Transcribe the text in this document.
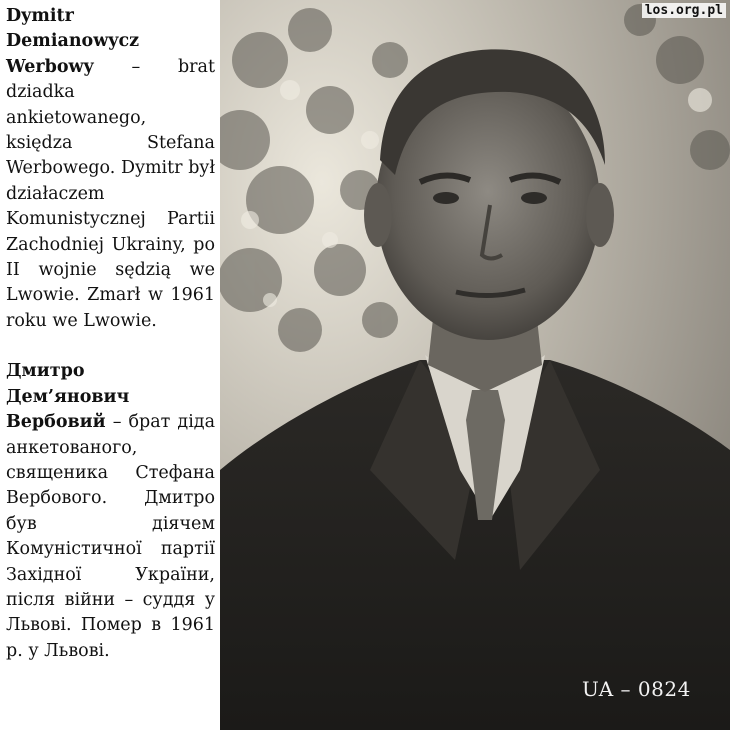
Dymitr
Demianowycz
Werbowy – brat dziadka ankietowanego, księdza Stefana Werbowego. Dymitr był działaczem Komunistycznej Partii Zachodniej Ukrainy, po II wojnie sędzią we Lwowie. Zmarł w 1961 roku we Lwowie.

Дмитро
Дем’янович
Вербовий – брат діда анкетованого, священика Стефана Вербового. Дмитро був діячем Комуністичної партії Західної України, після війни – суддя у Львові. Помер в 1961 р. у Львові.

los.org.pl
UA – 0824
